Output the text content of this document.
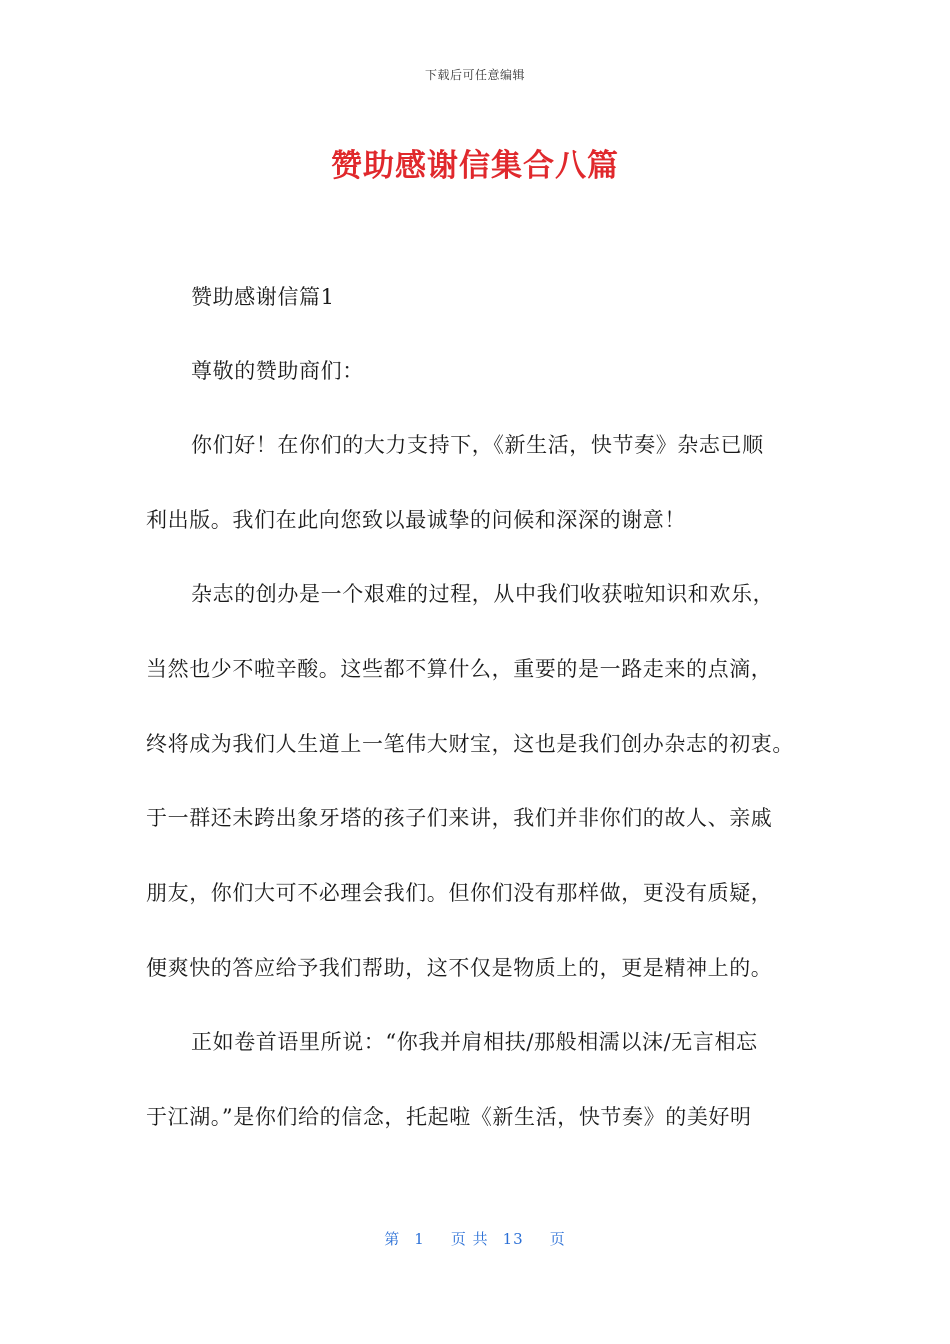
下载后可任意编辑
赞助感谢信集合八篇
赞助感谢信篇1
尊敬的赞助商们：
你们好！在你们的大力支持下，《新生活，快节奏》杂志已顺
利出版。我们在此向您致以最诚挚的问候和深深的谢意！
杂志的创办是一个艰难的过程，从中我们收获啦知识和欢乐，
当然也少不啦辛酸。这些都不算什么，重要的是一路走来的点滴，
终将成为我们人生道上一笔伟大财宝，这也是我们创办杂志的初衷。
于一群还未跨出象牙塔的孩子们来讲，我们并非你们的故人、亲戚
朋友，你们大可不必理会我们。但你们没有那样做，更没有质疑，
便爽快的答应给予我们帮助，这不仅是物质上的，更是精神上的。
正如卷首语里所说：“你我并肩相扶/那般相濡以沫/无言相忘
于江湖。”是你们给的信念，托起啦《新生活，快节奏》的美好明
第 1 页 共 13 页
